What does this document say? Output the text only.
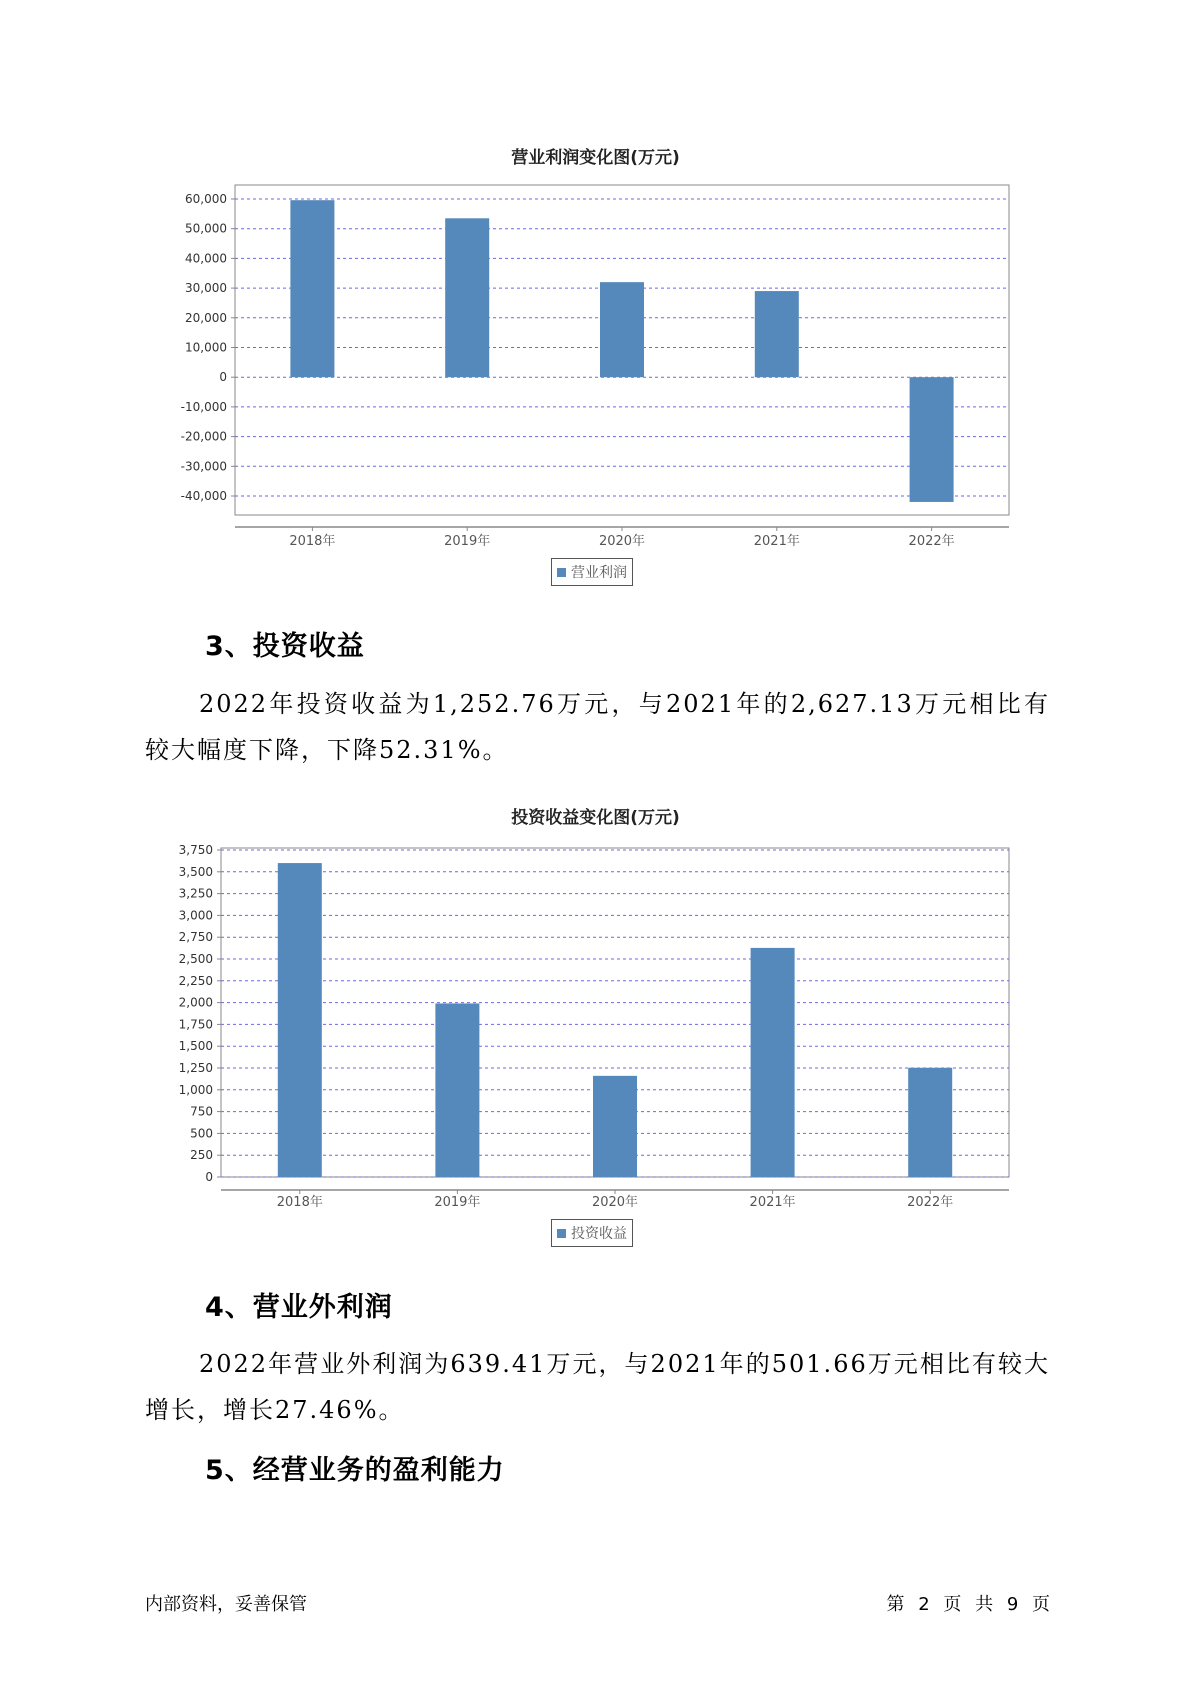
营业利润变化图(万元)
60,000
50,000
40,000
30,000
20,000
10,000
0
-10,000
-20,000
-30,000
-40,000
2018年	2019年	2020年	2021年	2022年
营业利润
3、投资收益

2022年投资收益为1,252.76万元，与2021年的2,627.13万元相比有较大幅度下降，下降52.31%。

投资收益变化图(万元)
3,750
3,500
3,250
3,000
2,750
2,500
2,250
2,000
1,750
1,500
1,250
1,000
750
500
250
0
2018年	2019年	2020年	2021年	2022年
投资收益
4、营业外利润

2022年营业外利润为639.41万元，与2021年的501.66万元相比有较大增长，增长27.46%。

5、经营业务的盈利能力
内部资料，妥善保管	第 2 页 共 9 页
